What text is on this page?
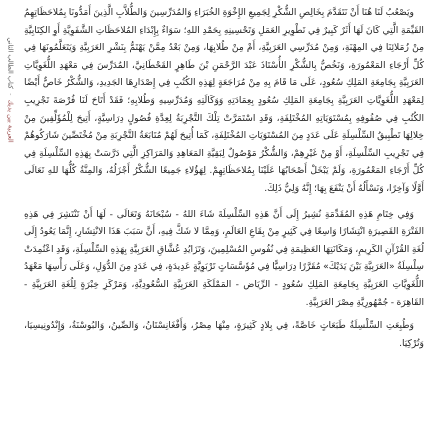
العربية بين يديك - كتاب الطالب الثاني

ويَصْعُبُ لَنَا هُنَا أَنْ نَتَقَدَّمَ بِخَالِصِ الشُّكْرِ لِجَمِيعِ الإِخْوَةِ الخُبَرَاءِ وَالمُدَرِّسِينَ وَالطُّلاَّبِ الَّذِينَ أَمَدُّونَا بِمُلاحَظَاتِهِمُ القَيِّمَةِ الَّتِي كَانَ لَهَا أَثَرٌ كَبِيرٌ فِي تَطْوِيرِ العَمَلِ وَتَحْسِينِهِ بِحَمْدِ اللهِ؛ سَوَاءٌ بِإِبْدَاءِ المُلاحَظَاتِ الشَّفَوِيَّةِ أَوِ الكِتَابِيَّةِ مِنْ زُمَلائِنَا فِي المِهْنَةِ، وَمِنْ مُدَرِّسِي العَرَبِيَّةِ، أَمْ مِنْ طُلابِهَا، وَمِنْ بَعْدُ مِمَّنْ يَهْتَمُّ بِنَشْرِ العَرَبِيَّةِ وَيَتَعَلَّمُونَهَا فِي كُلِّ أَرْجَاءِ المَعْمُورَةِ، وَنَخُصُّ بِالشُّكْرِ الأُسْتَاذَ عَبْدَ الرَّحْمَنِ بْنَ طَاهِرٍ القَحْطَانِيَّ، المُدَرِّسَ فِي مَعْهَدِ اللُّغَوِيَّاتِ العَرَبِيَّةِ بِجَامِعَةِ المَلِكِ سُعُودٍ، عَلَى مَا قَامَ بِهِ مِنْ مُرَاجَعَةٍ لِهَذِهِ الكُتُبِ فِي إِصْدَارِهَا الجَدِيدِ، وَالشُّكْرُ خَاصٌّ أَيْضًا لِمَعْهَدِ اللُّغَوِيَّاتِ العَرَبِيَّةِ بِجَامِعَةِ المَلِكِ سُعُودٍ بِعِمَادَتِهِ وَوَكَالَتِهِ وَمُدَرِّسِيهِ وَطُلابِهِ؛ فَقَدْ أَتَاحَ لَنَا فُرْصَةَ تَجْرِيبِ الكُتُبِ فِي صُفُوفِهِ بِمُسْتَوَيَاتِهِ المُخْتَلِفَةِ، وَقَدِ اسْتَمَرَّتْ تِلْكَ التَّجْرِبَةُ لِعِدَّةِ فُصُولٍ دِرَاسِيَّةٍ، أَتِيحَ لِلْمُؤَلِّفِينَ مِنْ خِلالِهَا تَطْبِيقُ السِّلْسِلَةِ عَلَى عَدَدٍ مِنَ المُسْتَوَيَاتِ المُخْتَلِفَةِ، كَمَا أُتِيحَ لَهُمْ مُتَابَعَةُ التَّجْرِبَةِ مِنْ مُخْتَصِّينَ شَارَكُوهُمْ فِي تَجْرِيبِ السِّلْسِلَةِ، أَوْ مِنْ غَيْرِهِمْ، وَالشُّكْرُ مَوْصُولٌ لِبَقِيَّةِ المَعَاهِدِ وَالمَرَاكِزِ الَّتِي دَرَّسَتْ بِهَذِهِ السِّلْسِلَةِ فِي كُلِّ أَرْجَاءِ المَعْمُورَةِ، وَلَمْ يَبْخَلْ أَصْحَابُهَا عَلَيْنَا بِمُلاحَظَاتِهِمْ. لِهَؤُلاءِ جَمِيعًا الشُّكْرُ أَجْزَلُهُ، وَالمِنَّةُ كُلُّهَا للهِ تَعَالَى أَوَّلًا وَآخِرًا، وَنَسْأَلُهُ أَنْ يَنْفَعَ بِهَا؛ إِنَّهُ وَلِيُّ ذَلِكَ.

وَفِي خِتَامِ هَذِهِ المُقَدِّمَةِ نُشِيرُ إِلَى أَنَّ هَذِهِ السِّلْسِلَةَ شَاءَ اللهُ - سُبْحَانَهُ وَتَعَالَى - لَهَا أَنْ تَنْتَشِرَ فِي هَذِهِ الفَتْرَةِ القَصِيرَةِ انْتِشَارًا وَاسِعًا فِي كَثِيرٍ مِنْ بِقَاعِ العَالَمِ، وَمِمَّا لا شَكَّ فِيهِ، أَنَّ سَبَبَ هَذَا الانْتِشَارِ، إِنَّمَا يَعُودُ إِلَى لُغَةِ القُرْآنِ الكَرِيمِ، وَمَكَانَتِهَا العَظِيمَةِ فِي نُفُوسِ المُسْلِمِينَ، وَتَزَايُدِ عُشَّاقِ العَرَبِيَّةِ بِهَذِهِ السِّلْسِلَةِ، وَقَدِ اعْتُمِدَتْ سِلْسِلَةُ «العَرَبِيَّةِ بَيْنَ يَدَيْكَ» مُقَرَّرًا دِرَاسِيًّا فِي مُؤَسَّسَاتٍ تَرْبَوِيَّةٍ عَدِيدَةٍ، فِي عَدَدٍ مِنَ الدُّوَلِ، وَعَلَى رَأْسِهَا مَعْهَدُ اللُّغَوِيَّاتِ العَرَبِيَّةِ بِجَامِعَةِ المَلِكِ سُعُودٍ - الرِّيَاض - المَمْلَكَةِ العَرَبِيَّةِ السُّعُودِيَّةِ، وَمَرْكَزِ خِبْرَةٍ لِلُغَةِ العَرَبِيَّةِ - القَاهِرَة - جُمْهُورِيَّةِ مِصْرَ العَرَبِيَّةِ.

وَطُبِعَتِ السِّلْسِلَةُ طَبَعَاتٍ خَاصَّةً، فِي بِلادٍ كَثِيرَةٍ، مِنْهَا مِصْرُ، وَأَفْغَانِسْتَانُ، وَالصِّينُ، وَالبُوسْنَةُ، وَإِنْدُونِيسِيَا، وَتُرْكِيَا.
